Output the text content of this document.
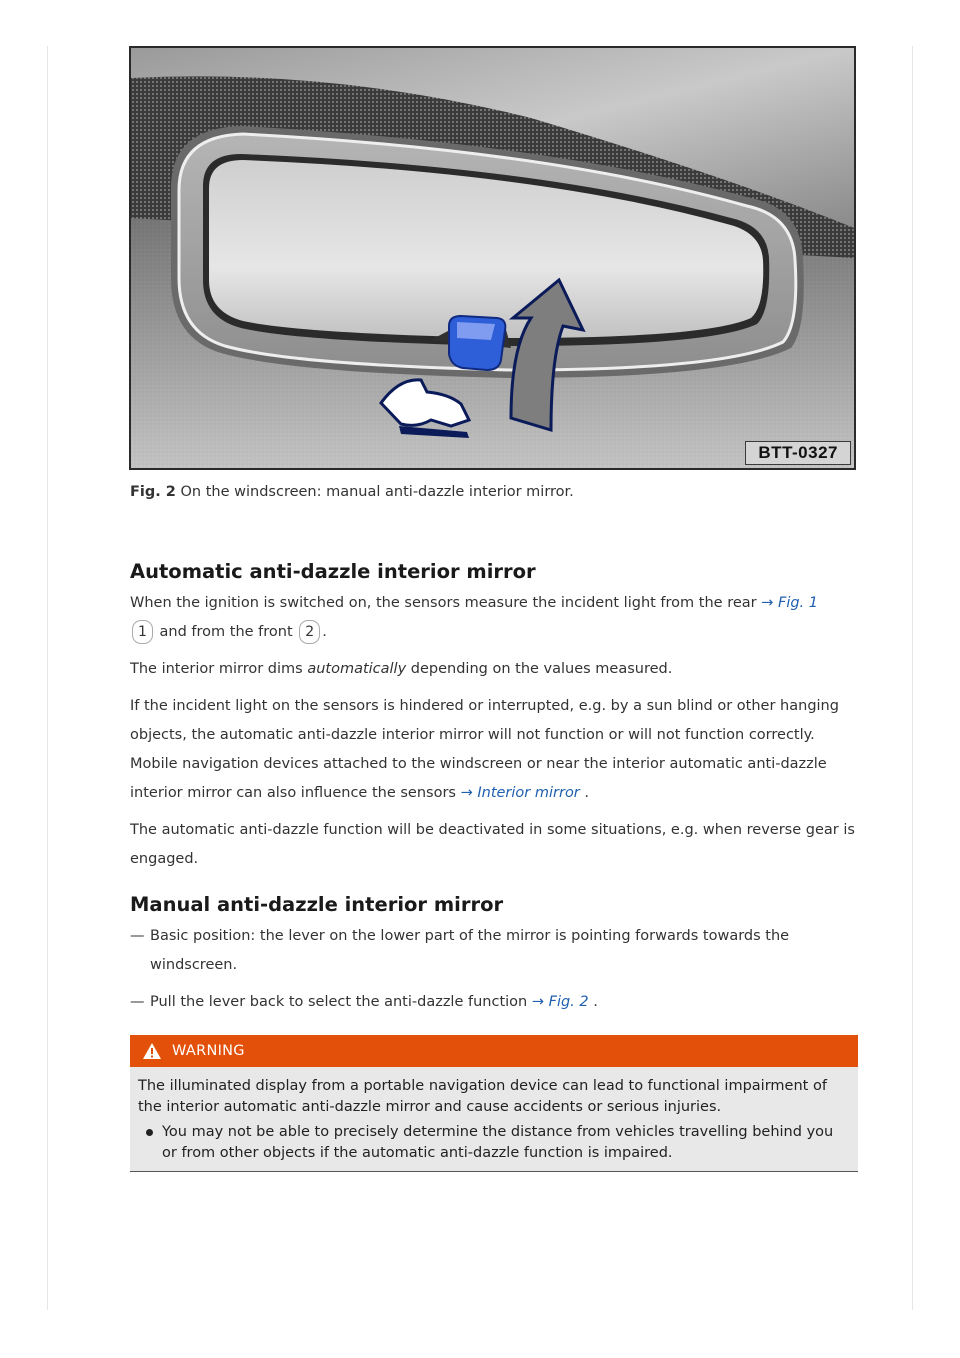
BTT-0327
Fig. 2 On the windscreen: manual anti-dazzle interior mirror.
Automatic anti-dazzle interior mirror

When the ignition is switched on, the sensors measure the incident light from the rear → Fig. 1
1 and from the front 2 .

The interior mirror dims automatically depending on the values measured.

If the incident light on the sensors is hindered or interrupted, e.g. by a sun blind or other hanging objects, the automatic anti-dazzle interior mirror will not function or will not function correctly. Mobile navigation devices attached to the windscreen or near the interior automatic anti-dazzle interior mirror can also influence the sensors → Interior mirror .

The automatic anti-dazzle function will be deactivated in some situations, e.g. when reverse gear is engaged.

Manual anti-dazzle interior mirror

— Basic position: the lever on the lower part of the mirror is pointing forwards towards the windscreen.

— Pull the lever back to select the anti-dazzle function → Fig. 2 .

WARNING

The illuminated display from a portable navigation device can lead to functional impairment of the interior automatic anti-dazzle mirror and cause accidents or serious injuries.

You may not be able to precisely determine the distance from vehicles travelling behind you or from other objects if the automatic anti-dazzle function is impaired.
